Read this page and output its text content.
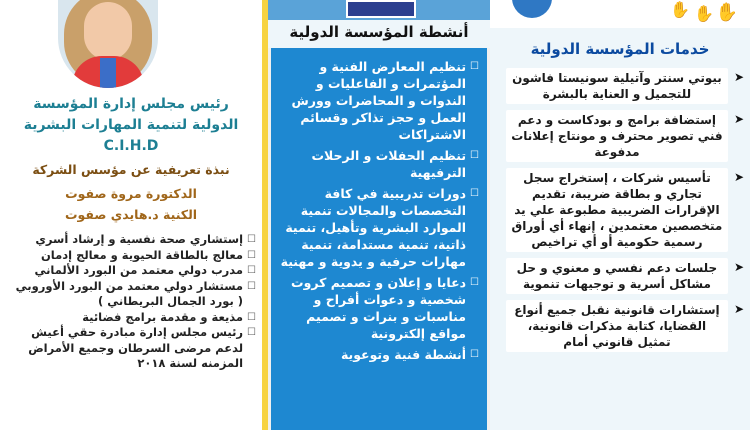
رئيس مجلس إدارة المؤسسة
الدولية لتنمية المهارات البشرية
C.I.H.D
نبذة تعريفية عن مؤسس الشركة
الدكتورة مروة صفوت
الكنية د.هايدي صفوت
☐
إستشاري صحة نفسية و إرشاد أسري
☐
معالج بالطاقة الحيوية و معالج إدمان
☐
مدرب دولي معتمد من البورد الألماني
☐
مستشار دولي معتمد من البورد الأوروبي ( بورد الجمال البريطاني )
☐
مذيعة و مقدمة برامج فضائية
☐
رئيس مجلس إدارة مبادرة حقي أعيش لدعم مرضى السرطان وجميع الأمراض المزمنه لسنة ٢٠١٨
أنشطة المؤسسة الدولية
☐
تنظيم المعارض الفنية و المؤتمرات و الفاعليات و الندوات و المحاضرات وورش العمل و حجز تذاكر وقسائم الاشتراكات
☐
تنظيم الحفلات و الرحلات الترفيهية
☐
دورات تدريبية في كافة التخصصات والمجالات تنمية الموارد البشرية وتأهيل، تنمية ذاتية، تنمية مستدامة، تنمية مهارات حرفية و يدوية و مهنية
☐
دعايا و إعلان و تصميم كروت شخصية و دعوات أفراح و مناسبات و بنرات و تصميم مواقع إلكترونية
☐
أنشطة فنية وتوعوية
✋
✋
✋
خدمات المؤسسة الدولية
➤
بيوتي سنتر وآتيلية سونيستا فاشون للتجميل و العناية بالبشرة
➤
إستضافة برامج و بودكاست و دعم فني تصوير محترف و مونتاج إعلانات مدفوعة
➤
تأسيس شركات ، إستخراج سجل تجاري و بطاقة ضريبة، تقديم الإقرارات الضريبية مطبوعة علي يد متخصصين معتمدين ، إنهاء أي أوراق رسمية حكومية أو أي تراخيص
➤
جلسات دعم نفسي و معنوي و حل مشاكل أسرية و توجيهات تنموية
➤
إستشارات قانونية نقبل جميع أنواع القضايا، كتابة مذكرات قانونية، تمثيل قانوني أمام
